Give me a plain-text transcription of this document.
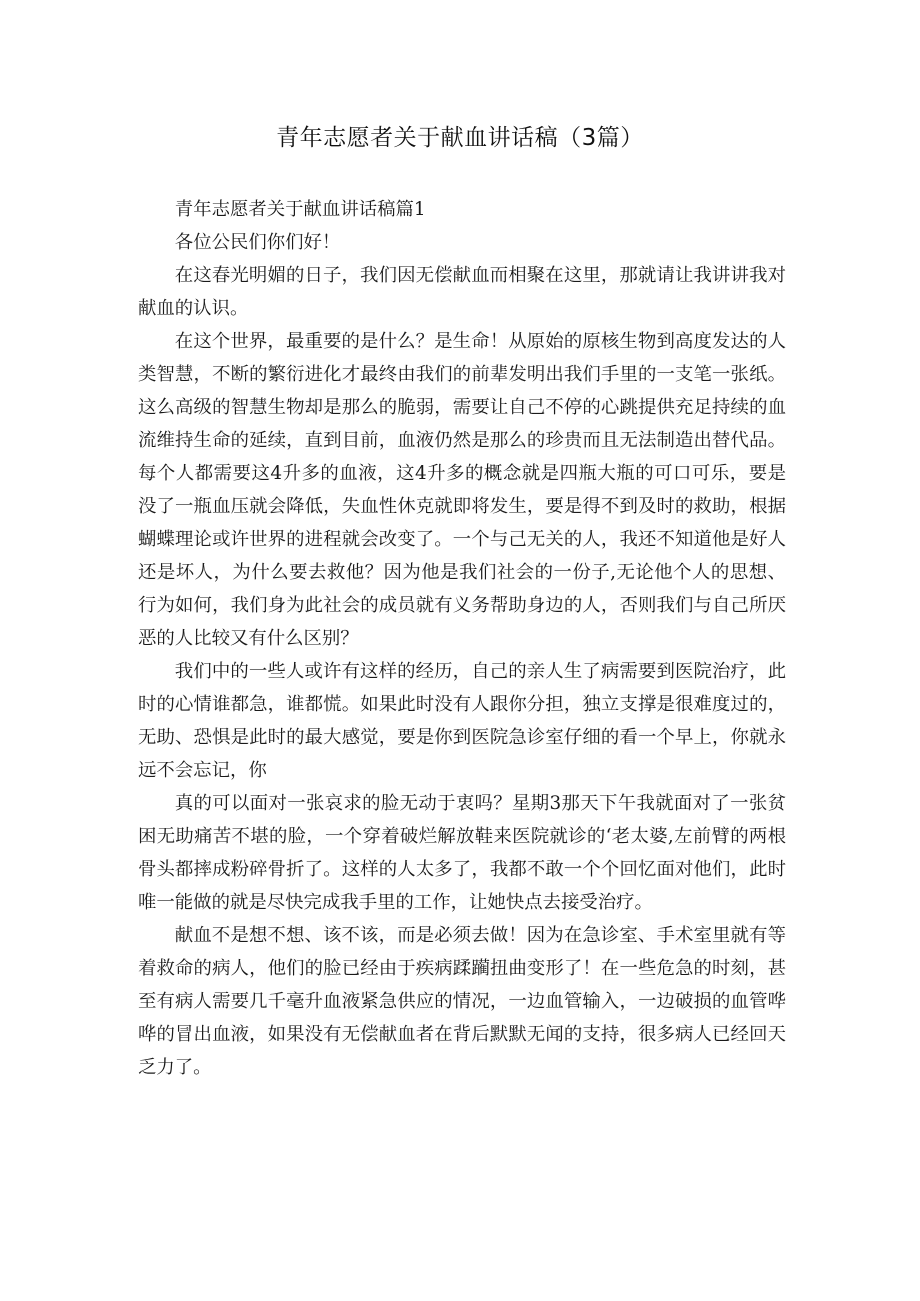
青年志愿者关于献血讲话稿（3篇）

青年志愿者关于献血讲话稿篇1

各位公民们你们好！

在这春光明媚的日子，我们因无偿献血而相聚在这里，那就请让我讲讲我对献血的认识。

在这个世界，最重要的是什么？是生命！从原始的原核生物到高度发达的人类智慧，不断的繁衍进化才最终由我们的前辈发明出我们手里的一支笔一张纸。这么高级的智慧生物却是那么的脆弱，需要让自己不停的心跳提供充足持续的血流维持生命的延续，直到目前，血液仍然是那么的珍贵而且无法制造出替代品。每个人都需要这4升多的血液，这4升多的概念就是四瓶大瓶的可口可乐，要是没了一瓶血压就会降低，失血性休克就即将发生，要是得不到及时的救助，根据蝴蝶理论或许世界的进程就会改变了。一个与己无关的人，我还不知道他是好人还是坏人，为什么要去救他？因为他是我们社会的一份子,无论他个人的思想、行为如何，我们身为此社会的成员就有义务帮助身边的人，否则我们与自己所厌恶的人比较又有什么区别？

我们中的一些人或许有这样的经历，自己的亲人生了病需要到医院治疗，此时的心情谁都急，谁都慌。如果此时没有人跟你分担，独立支撑是很难度过的，无助、恐惧是此时的最大感觉，要是你到医院急诊室仔细的看一个早上，你就永远不会忘记，你

真的可以面对一张哀求的脸无动于衷吗？星期3那天下午我就面对了一张贫困无助痛苦不堪的脸，一个穿着破烂解放鞋来医院就诊的‘老太婆,左前臂的两根骨头都摔成粉碎骨折了。这样的人太多了，我都不敢一个个回忆面对他们，此时唯一能做的就是尽快完成我手里的工作，让她快点去接受治疗。

献血不是想不想、该不该，而是必须去做！因为在急诊室、手术室里就有等着救命的病人，他们的脸已经由于疾病蹂躏扭曲变形了！在一些危急的时刻，甚至有病人需要几千毫升血液紧急供应的情况，一边血管输入，一边破损的血管哗哗的冒出血液，如果没有无偿献血者在背后默默无闻的支持，很多病人已经回天乏力了。
